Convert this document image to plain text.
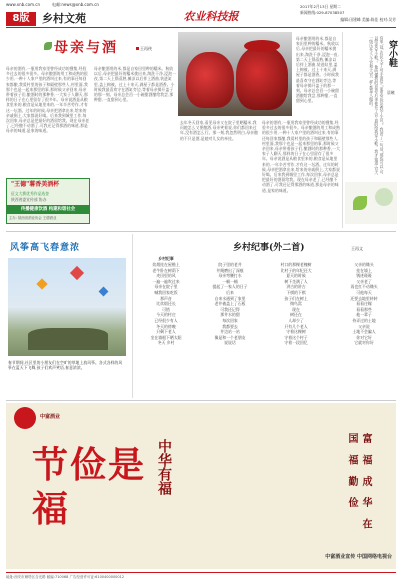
www.xnb.com.cn	电邮:news@xnb.com.cn
8版	乡村文苑	农业科技报
2017年2月13日 星期二
新闻热线:029-87038507
编辑:田建峰 美编:陈佳 校对:吴芳
母亲与酒	王再侠
母亲的酒有,一瓶用我家里曾经成功的搜集,经验多过去的很多很多。母亲酿酒的用工和成熟的很少用,一种十人家户里的酒叫过来,有的事还每回家都酿,我爱村里的孩子和隔壁那些人,村里面,我那个也是一起来那里的事,那时候父亲回来,母亲带着孩子们,酿酒时的那种香,一大家子人聊天,那样的日子在心里留存了很多年。母亲说酒是从粮食里来的,粮食是从地里来的,一年辛苦劳作,才有这一坛酒。过年的时候,母亲把酒拿出来,给来的亲戚倒上,大家都说好喝。后来我到城里工作,每次回家,母亲总是把最好的酒留给我。现在母亲老了,已经酿不动酒了,可我还记得那酒的味道,那是母亲的味道,是家的味道。
母亲酿酒用的米,都是自家田里种的糯米。秋收以后,母亲把最好的糯米挑出来,淘洗干净,浸泡一夜,第二天上锅蒸熟,摊凉以后拌上酒曲,装进缸里,盖上棉被。过上十来天,满屋子都是酒香。小时候我最喜欢守在酒缸旁边,等着母亲揭开盖子的那一刻。母亲总会舀一小碗甜酒酿给我尝,那种甜,一直甜到心里。
去年冬天回家,看见母亲又在院子里晒糯米,我问她怎么又要酿酒,母亲笑着说,你们都回来过年,没有酒怎么行。那一刻,我忽然明白,母亲酿的不只是酒,是她对儿女的牵挂。
母亲的酒有,一瓶用我家里曾经成功的搜集,经验多过去的很多很多。母亲酿酒的用工和成熟的很少用,一种十人家户里的酒叫过来,有的事还每回家都酿,我爱村里的孩子和隔壁那些人,村里面,我那个也是一起来那里的事,那时候父亲回来,母亲带着孩子们,酿酒时的那种香,一大家子人聊天,那样的日子在心里留存了很多年。母亲说酒是从粮食里来的,粮食是从地里来的,一年辛苦劳作,才有这一坛酒。过年的时候,母亲把酒拿出来,给来的亲戚倒上,大家都说好喝。后来我到城里工作,每次回家,母亲总是把最好的酒留给我。现在母亲老了,已经酿不动酒了,可我还记得那酒的味道,那是母亲的味道,是家的味道。
母亲酿酒用的米,都是自家田里种的糯米。秋收以后,母亲把最好的糯米挑出来,淘洗干净,浸泡一夜,第二天上锅蒸熟,摊凉以后拌上酒曲,装进缸里,盖上棉被。过上十来天,满屋子都是酒香。小时候我最喜欢守在酒缸旁边,等着母亲揭开盖子的那一刻。母亲总会舀一小碗甜酒酿给我尝,那种甜,一直甜到心里。
"王德"薯香美酒杯
征文大赛优秀作品选登
陕西省委宣传部 协办
传播健康饮酒 构建和谐社会
主办: 陕西省酒业协会 王德酒业
穿小鞋
晨曦
有家'冠',农民大千,对手寄信,"家里穷你送我个小官"。我讲了一句话"那你可以,可以给你穿小鞋"。他听懂我的意思,后来他升了官,真的给我穿小鞋。我才知道,官大一级压死人,小官和大官一样,都是人做的。
风筝高飞春意浓
春节期间,社区里的小朋友们在空旷的草地上放风筝。各式各样的风筝在蓝天下飞舞,孩子们欢声笑语,春意浓浓。
乡村纪事(外二首)	王再文
乡村纪事
炊烟挂在屋檐上
老牛卧在树荫下
麦田里的风
一遍一遍吹过来
母亲在院子里
喊我回家吃饭
那声音
比炊烟还长
可惜
今天的村庄
已经很少有人
冬天的傍晚
只剩下老人
坐在墙根下晒太阳
冬天 乡村
院子里的老井
井绳磨出了深痕
母亲弯腰打水
一桶一桶
提起了一家人的日子
后来
自来水通到了家里
老井被盖上了石板
可我还记得
那井水的甜
每次回家
我都要去
井边站一站
像是和一个老朋友
说说话
村口的那棵老槐树
比村子的年纪还大
夏天的时候
树下坐满了人
讲古的讲古
下棋的下棋
孩子们在树上
掏鸟窝
现在
树还在
人却少了
只有几个老人
守着这棵树
守着这个村子
守着一段回忆
父亲的锄头
挂在墙上
锈迹斑斑
父亲老了
再也扛不动锄头
可他每天
还要去地里转转
看看庄稼
看看那些
他一辈子
侍弄过的土地
父亲说
土地不会骗人
你对它好
它就对你好
中富酒业
节俭是福
中华有福	富 福 成 华 在 国 福 勤 俭
中富酒业宣传 中国网络电视台
地址:西安市雁塔区含光路 邮编:710068 广告经营许可证:6100400000012
